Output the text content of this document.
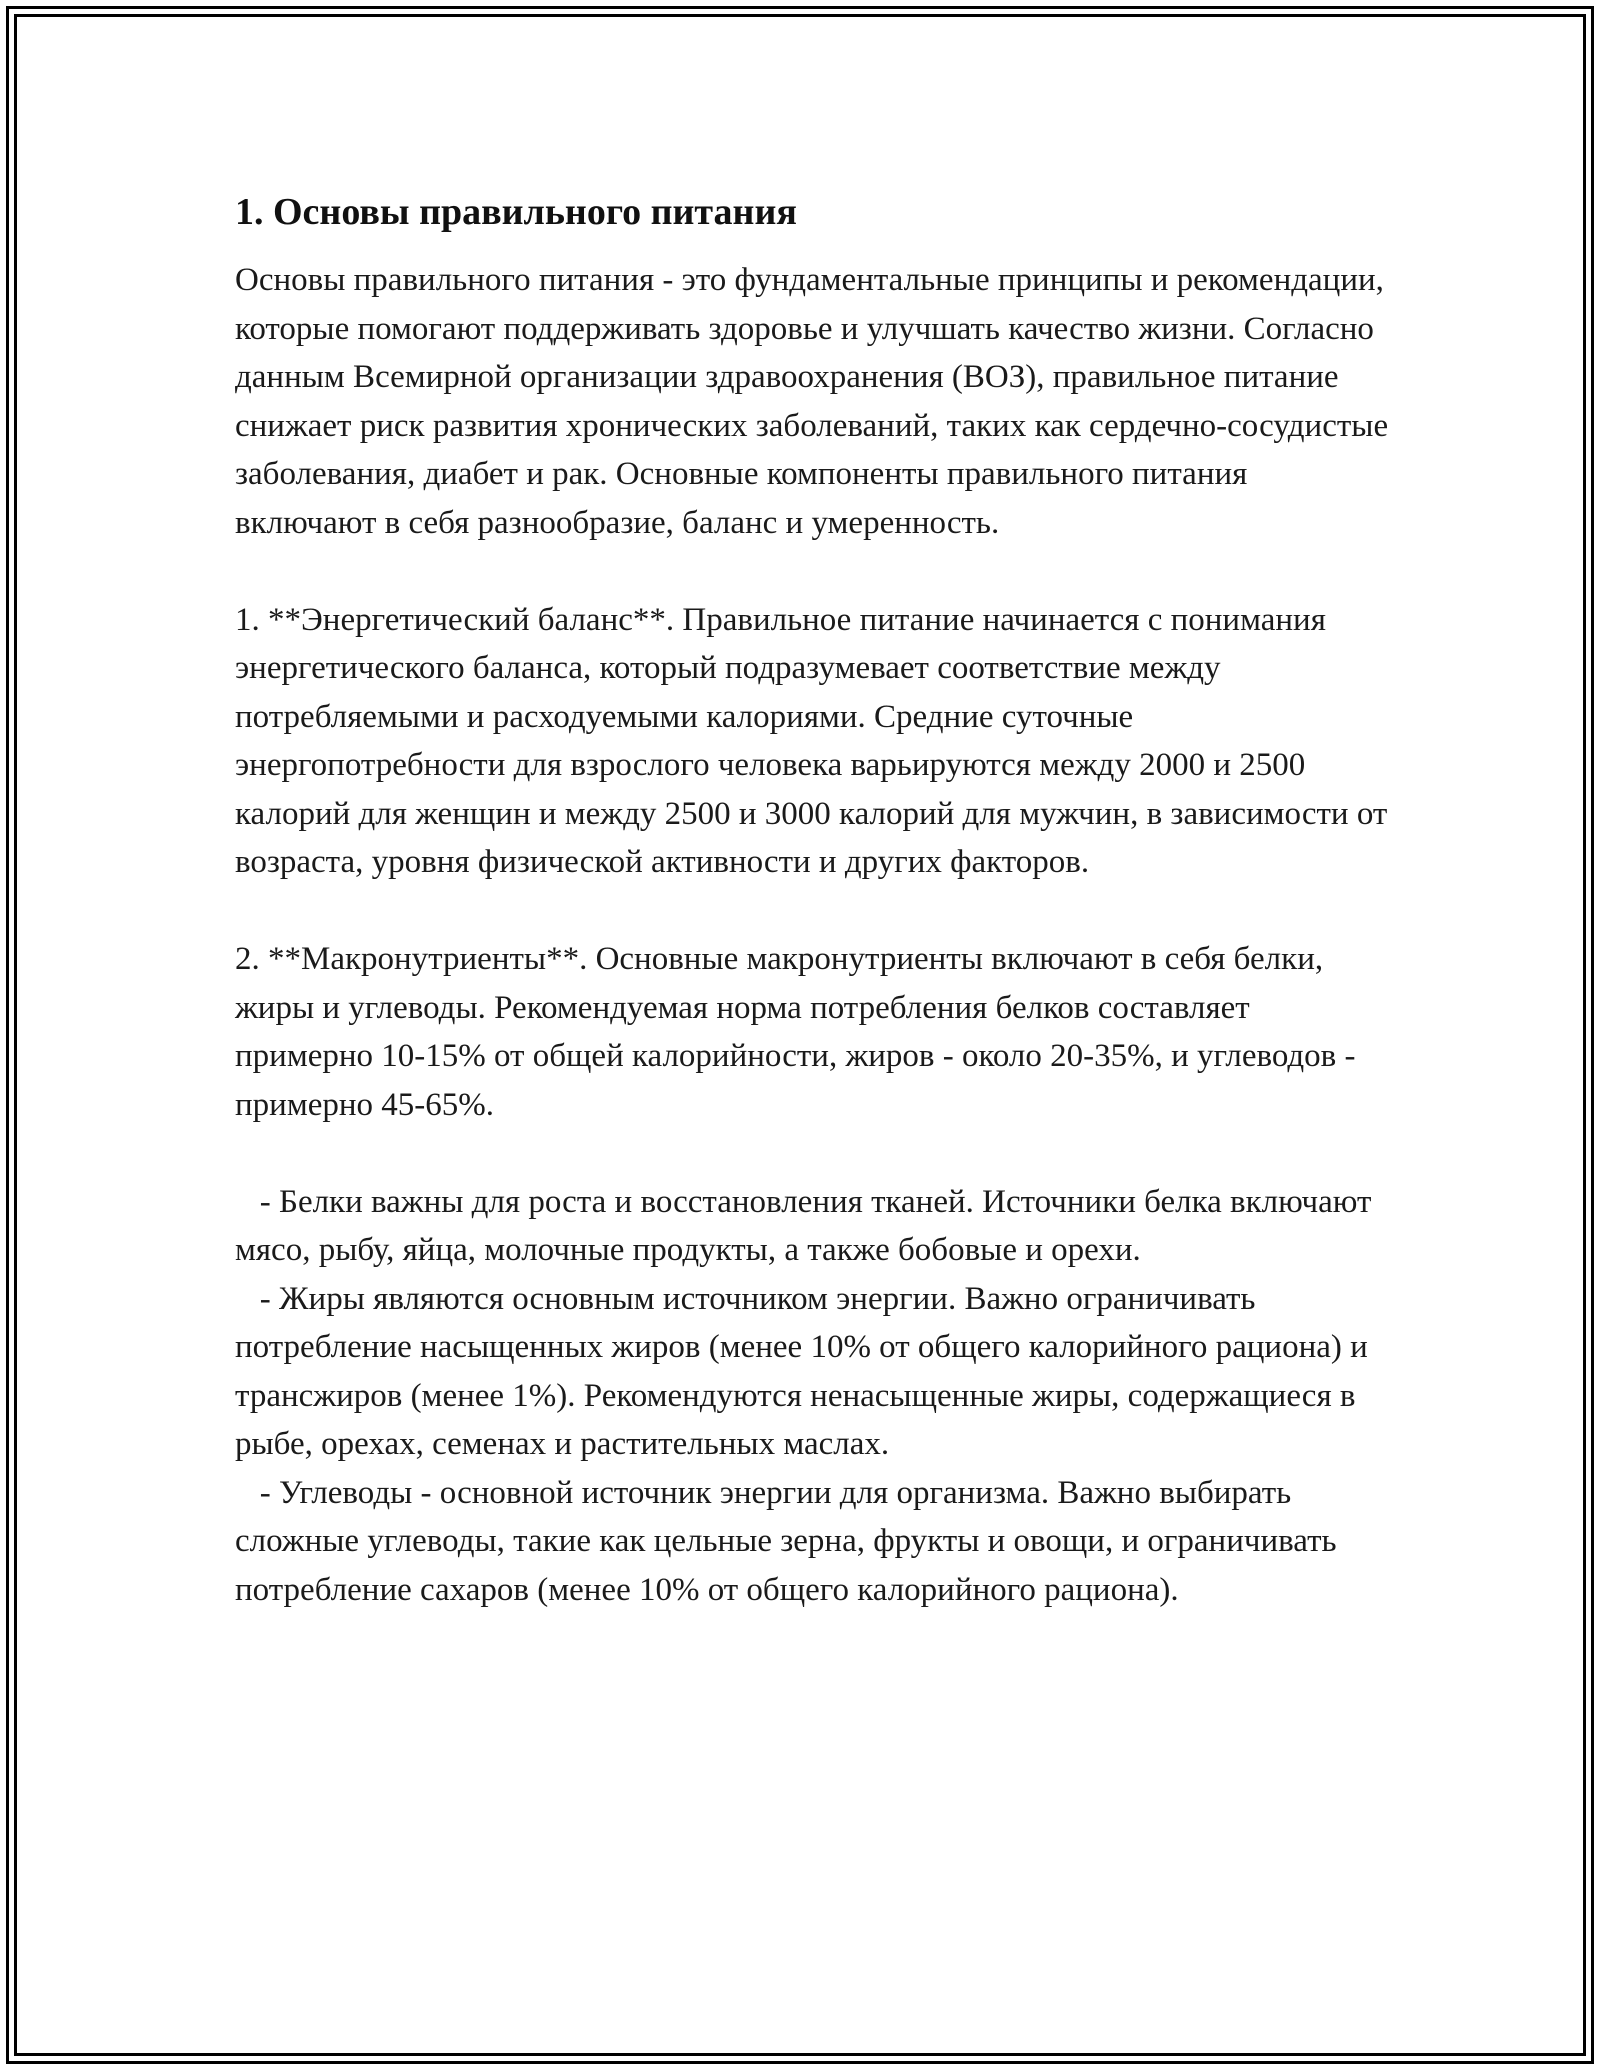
1. Основы правильного питания

Основы правильного питания - это фундаментальные принципы и рекомендации, которые помогают поддерживать здоровье и улучшать качество жизни. Согласно данным Всемирной организации здравоохранения (ВОЗ), правильное питание снижает риск развития хронических заболеваний, таких как сердечно-сосудистые заболевания, диабет и рак. Основные компоненты правильного питания включают в себя разнообразие, баланс и умеренность.

1. **Энергетический баланс**. Правильное питание начинается с понимания энергетического баланса, который подразумевает соответствие между потребляемыми и расходуемыми калориями. Средние суточные энергопотребности для взрослого человека варьируются между 2000 и 2500 калорий для женщин и между 2500 и 3000 калорий для мужчин, в зависимости от возраста, уровня физической активности и других факторов.

2. **Макронутриенты**. Основные макронутриенты включают в себя белки, жиры и углеводы. Рекомендуемая норма потребления белков составляет примерно 10-15% от общей калорийности, жиров - около 20-35%, и углеводов - примерно 45-65%.

- Белки важны для роста и восстановления тканей. Источники белка включают мясо, рыбу, яйца, молочные продукты, а также бобовые и орехи.

- Жиры являются основным источником энергии. Важно ограничивать потребление насыщенных жиров (менее 10% от общего калорийного рациона) и трансжиров (менее 1%). Рекомендуются ненасыщенные жиры, содержащиеся в рыбе, орехах, семенах и растительных маслах.

- Углеводы - основной источник энергии для организма. Важно выбирать сложные углеводы, такие как цельные зерна, фрукты и овощи, и ограничивать потребление сахаров (менее 10% от общего калорийного рациона).
